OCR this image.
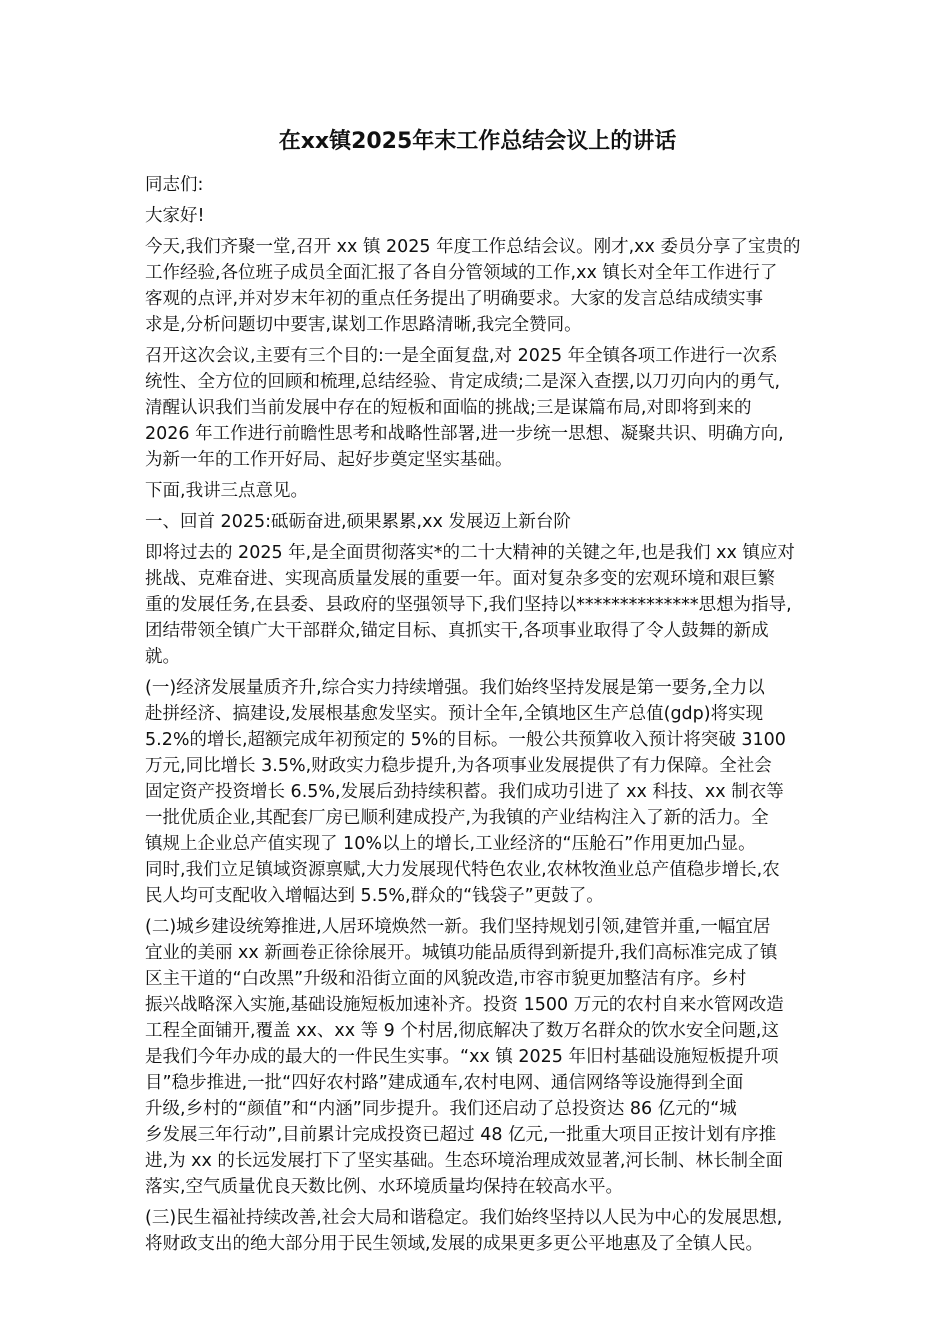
在xx镇2025年末工作总结会议上的讲话
同志们:
大家好!
今天,我们齐聚一堂,召开 xx 镇 2025 年度工作总结会议。刚才,xx 委员分享了宝贵的
工作经验,各位班子成员全面汇报了各自分管领域的工作,xx 镇长对全年工作进行了
客观的点评,并对岁末年初的重点任务提出了明确要求。大家的发言总结成绩实事
求是,分析问题切中要害,谋划工作思路清晰,我完全赞同。
召开这次会议,主要有三个目的:一是全面复盘,对 2025 年全镇各项工作进行一次系
统性、全方位的回顾和梳理,总结经验、肯定成绩;二是深入查摆,以刀刃向内的勇气,
清醒认识我们当前发展中存在的短板和面临的挑战;三是谋篇布局,对即将到来的
2026 年工作进行前瞻性思考和战略性部署,进一步统一思想、凝聚共识、明确方向,
为新一年的工作开好局、起好步奠定坚实基础。
下面,我讲三点意见。
一、回首 2025:砥砺奋进,硕果累累,xx 发展迈上新台阶
即将过去的 2025 年,是全面贯彻落实*的二十大精神的关键之年,也是我们 xx 镇应对
挑战、克难奋进、实现高质量发展的重要一年。面对复杂多变的宏观环境和艰巨繁
重的发展任务,在县委、县政府的坚强领导下,我们坚持以**************思想为指导,
团结带领全镇广大干部群众,锚定目标、真抓实干,各项事业取得了令人鼓舞的新成
就。
(一)经济发展量质齐升,综合实力持续增强。我们始终坚持发展是第一要务,全力以
赴拼经济、搞建设,发展根基愈发坚实。预计全年,全镇地区生产总值(gdp)将实现
5.2%的增长,超额完成年初预定的 5%的目标。一般公共预算收入预计将突破 3100
万元,同比增长 3.5%,财政实力稳步提升,为各项事业发展提供了有力保障。全社会
固定资产投资增长 6.5%,发展后劲持续积蓄。我们成功引进了 xx 科技、xx 制衣等
一批优质企业,其配套厂房已顺利建成投产,为我镇的产业结构注入了新的活力。全
镇规上企业总产值实现了 10%以上的增长,工业经济的“压舱石”作用更加凸显。
同时,我们立足镇域资源禀赋,大力发展现代特色农业,农林牧渔业总产值稳步增长,农
民人均可支配收入增幅达到 5.5%,群众的“钱袋子”更鼓了。
(二)城乡建设统筹推进,人居环境焕然一新。我们坚持规划引领,建管并重,一幅宜居
宜业的美丽 xx 新画卷正徐徐展开。城镇功能品质得到新提升,我们高标准完成了镇
区主干道的“白改黑”升级和沿街立面的风貌改造,市容市貌更加整洁有序。乡村
振兴战略深入实施,基础设施短板加速补齐。投资 1500 万元的农村自来水管网改造
工程全面铺开,覆盖 xx、xx 等 9 个村居,彻底解决了数万名群众的饮水安全问题,这
是我们今年办成的最大的一件民生实事。“xx 镇 2025 年旧村基础设施短板提升项
目”稳步推进,一批“四好农村路”建成通车,农村电网、通信网络等设施得到全面
升级,乡村的“颜值”和“内涵”同步提升。我们还启动了总投资达 86 亿元的“城
乡发展三年行动”,目前累计完成投资已超过 48 亿元,一批重大项目正按计划有序推
进,为 xx 的长远发展打下了坚实基础。生态环境治理成效显著,河长制、林长制全面
落实,空气质量优良天数比例、水环境质量均保持在较高水平。
(三)民生福祉持续改善,社会大局和谐稳定。我们始终坚持以人民为中心的发展思想,
将财政支出的绝大部分用于民生领域,发展的成果更多更公平地惠及了全镇人民。
